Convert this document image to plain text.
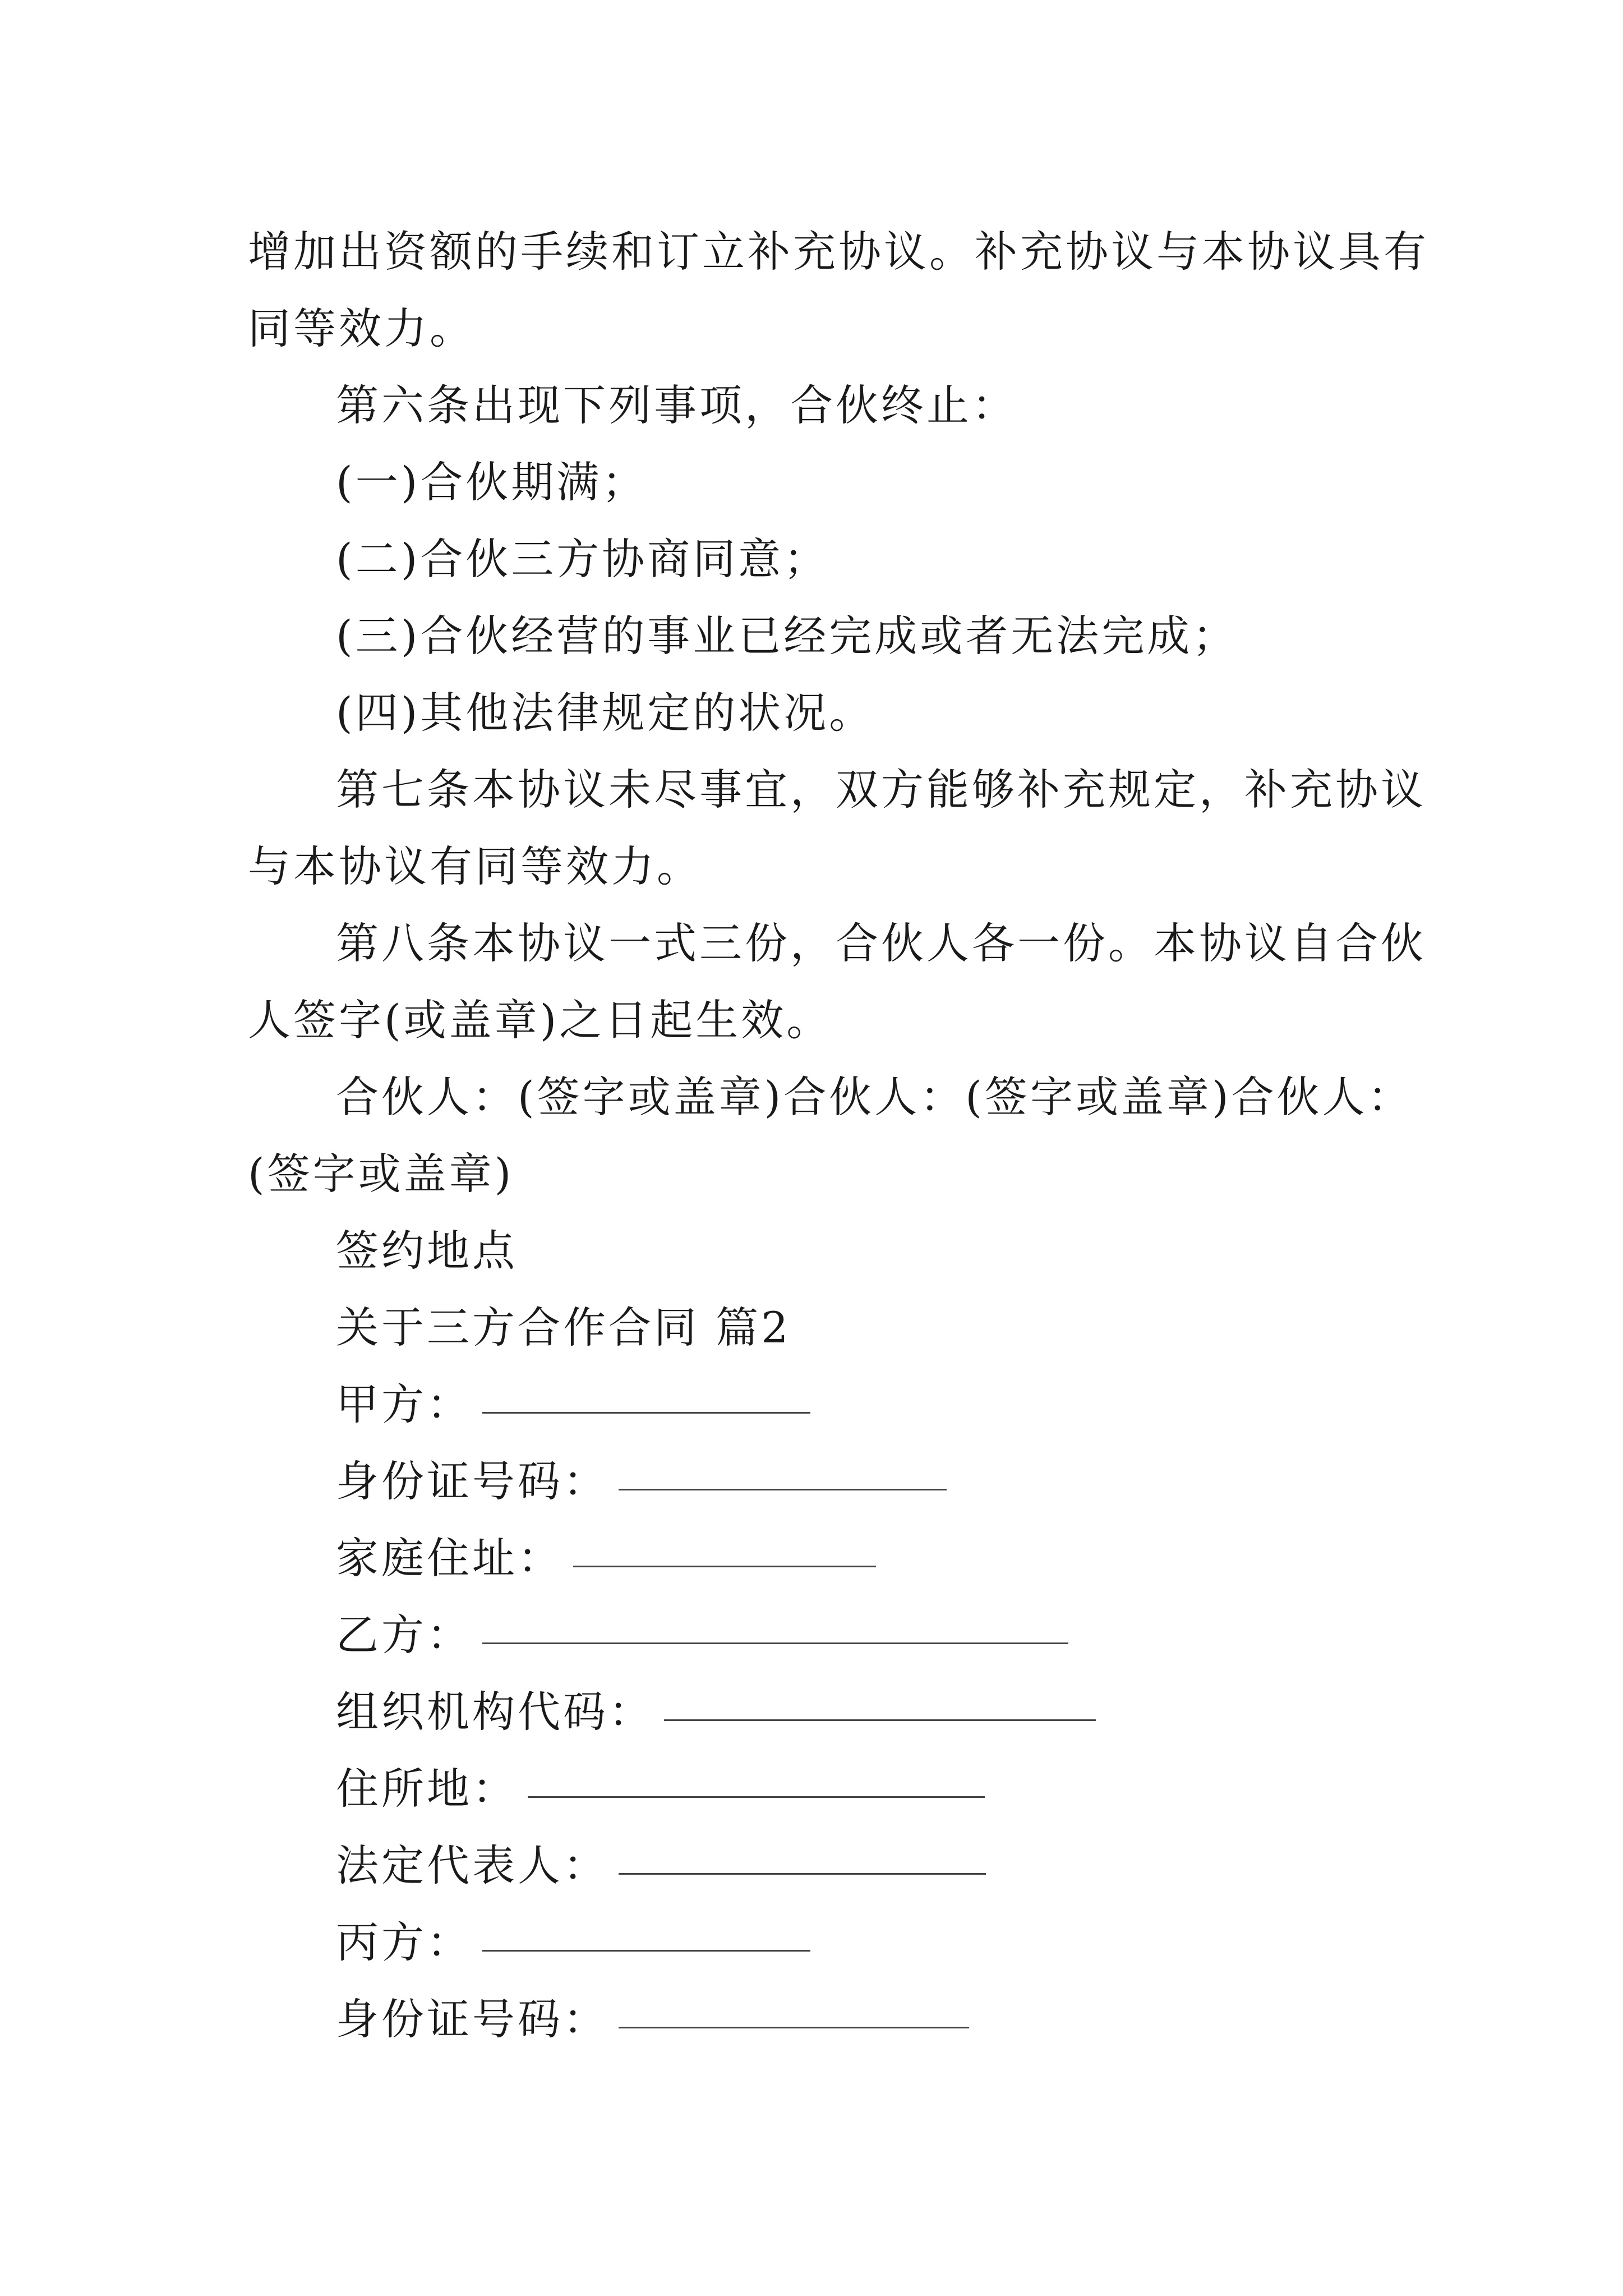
增加出资额的手续和订立补充协议。补充协议与本协议具有
同等效力。
第六条出现下列事项，合伙终止：
(一)合伙期满；
(二)合伙三方协商同意；
(三)合伙经营的事业已经完成或者无法完成；
(四)其他法律规定的状况。
第七条本协议未尽事宜，双方能够补充规定，补充协议
与本协议有同等效力。
第八条本协议一式三份，合伙人各一份。本协议自合伙
人签字(或盖章)之日起生效。
合伙人：(签字或盖章)合伙人：(签字或盖章)合伙人：
(签字或盖章)
签约地点
关于三方合作合同 篇2
甲方：
身份证号码：
家庭住址：
乙方：
组织机构代码：
住所地：
法定代表人：
丙方：
身份证号码：
